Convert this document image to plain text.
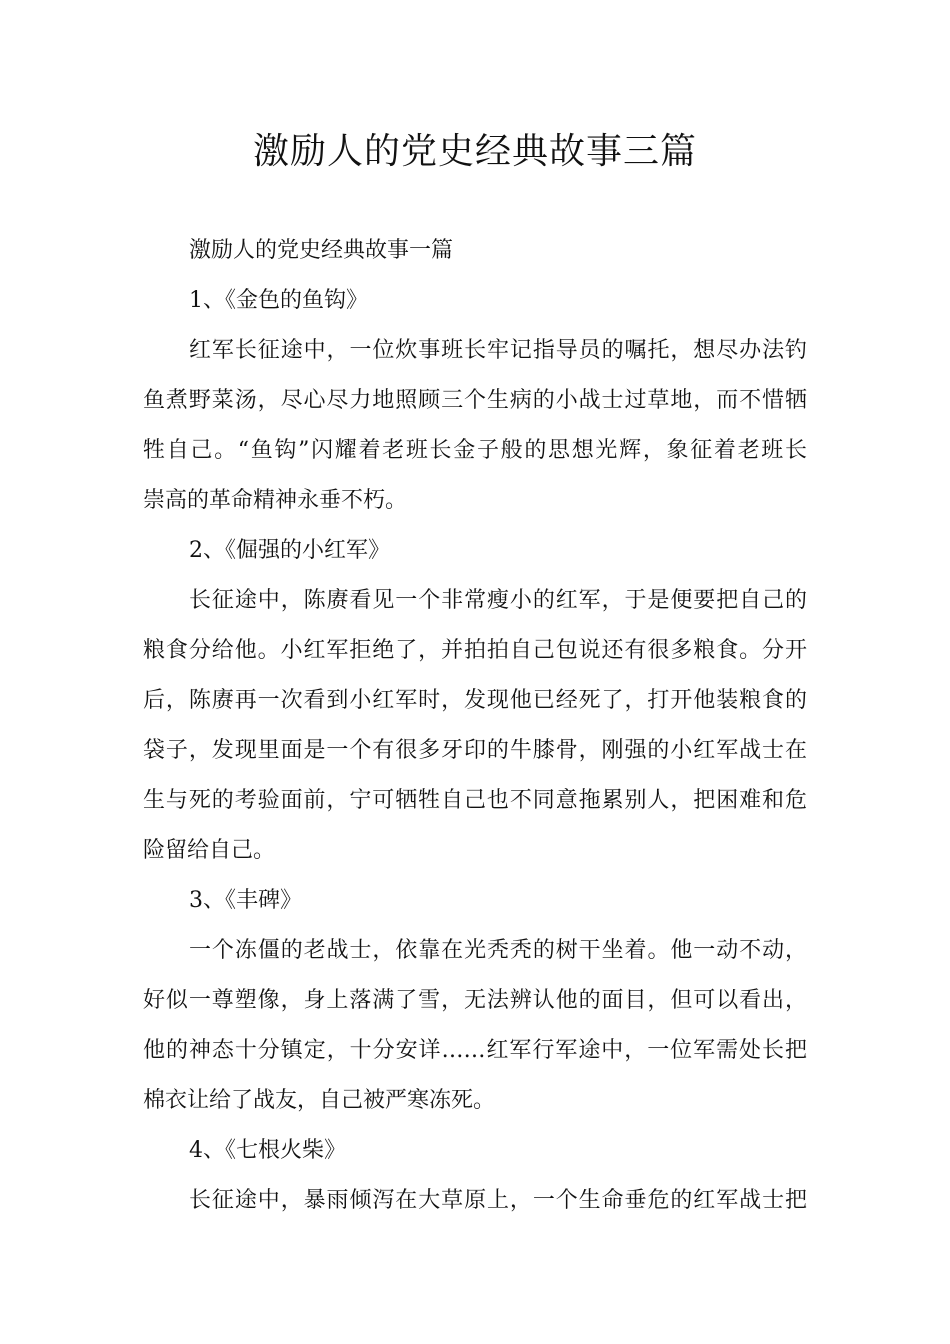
激励人的党史经典故事三篇

激励人的党史经典故事一篇

1、《金色的鱼钩》

红军长征途中，一位炊事班长牢记指导员的嘱托，想尽办法钓

鱼煮野菜汤，尽心尽力地照顾三个生病的小战士过草地，而不惜牺

牲自己。“鱼钩”闪耀着老班长金子般的思想光辉，象征着老班长

崇高的革命精神永垂不朽。

2、《倔强的小红军》

长征途中，陈赓看见一个非常瘦小的红军，于是便要把自己的

粮食分给他。小红军拒绝了，并拍拍自己包说还有很多粮食。分开

后，陈赓再一次看到小红军时，发现他已经死了，打开他装粮食的

袋子，发现里面是一个有很多牙印的牛膝骨，刚强的小红军战士在

生与死的考验面前，宁可牺牲自己也不同意拖累别人，把困难和危

险留给自己。

3、《丰碑》

一个冻僵的老战士，依靠在光秃秃的树干坐着。他一动不动，

好似一尊塑像，身上落满了雪，无法辨认他的面目，但可以看出，

他的神态十分镇定，十分安详……红军行军途中，一位军需处长把

棉衣让给了战友，自己被严寒冻死。

4、《七根火柴》

长征途中，暴雨倾泻在大草原上，一个生命垂危的红军战士把
